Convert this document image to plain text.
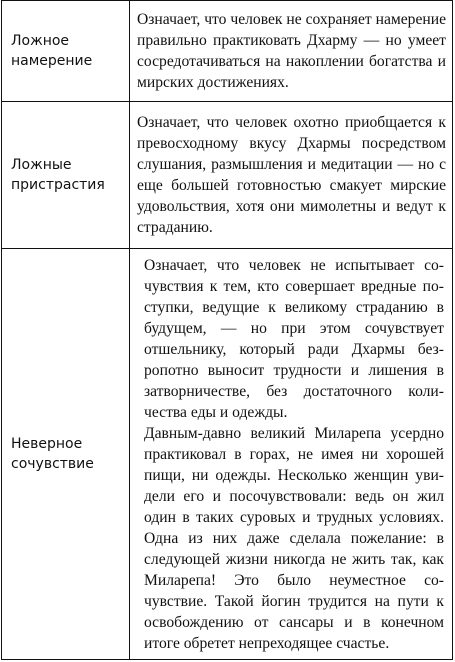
Ложное намерение	Означает, что человек не сохраняет намерение правильно практиковать Дхарму — но умеет сосредотачиваться на накоплении богатства и мирских достижениях.
Ложные пристрастия	Означает, что человек охотно приобщается к превосходному вкусу Дхармы посредством слушания, размышления и медитации — но с еще большей готовностью смакует мирские удовольствия, хотя они мимолетны и ведут к страданию.
Неверное сочувствие	Означает, что человек не испытывает сочувствия к тем, кто совершает вредные поступки, ведущие к великому страданию в будущем, — но при этом сочувствует отшельнику, который ради Дхармы безропотно выносит трудности и лишения в затворничестве, без достаточного количества еды и одежды.

Давным-давно великий Миларепа усердно практиковал в горах, не имея ни хорошей пищи, ни одежды. Несколько женщин увидели его и посочувствовали: ведь он жил один в таких суровых и трудных условиях. Одна из них даже сделала пожелание: в следующей жизни никогда не жить так, как Миларепа! Это было неуместное сочувствие. Такой йогин трудится на пути к освобождению от сансары и в конечном итоге обретет непреходящее счастье.
